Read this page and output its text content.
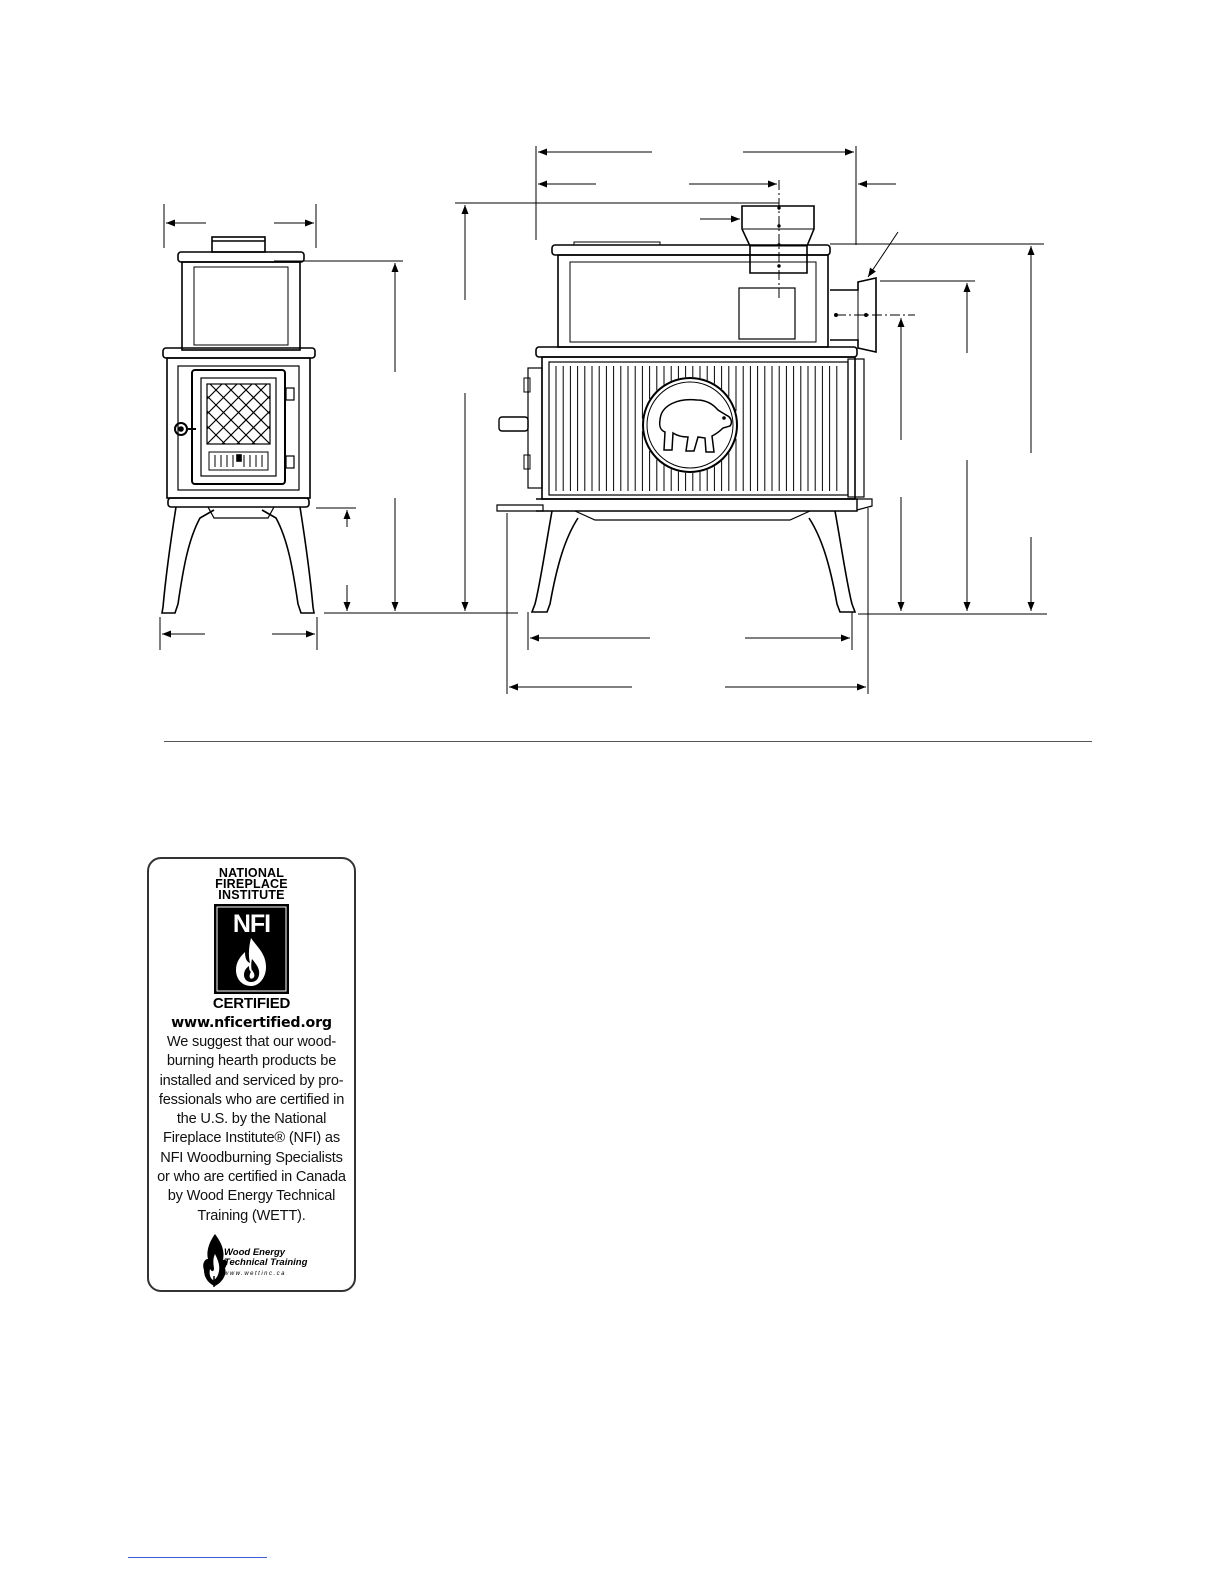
NATIONAL
FIREPLACE
INSTITUTE
NFI
CERTIFIED
www.nficertified.org
We suggest that our wood-
burning hearth products be
installed and serviced by pro-
fessionals who are certified in
the U.S. by the National
Fireplace Institute® (NFI) as
NFI Woodburning Specialists
or who are certified in Canada
by Wood Energy Technical
Training (WETT).
Wood Energy
Technical Training
www.wettinc.ca
